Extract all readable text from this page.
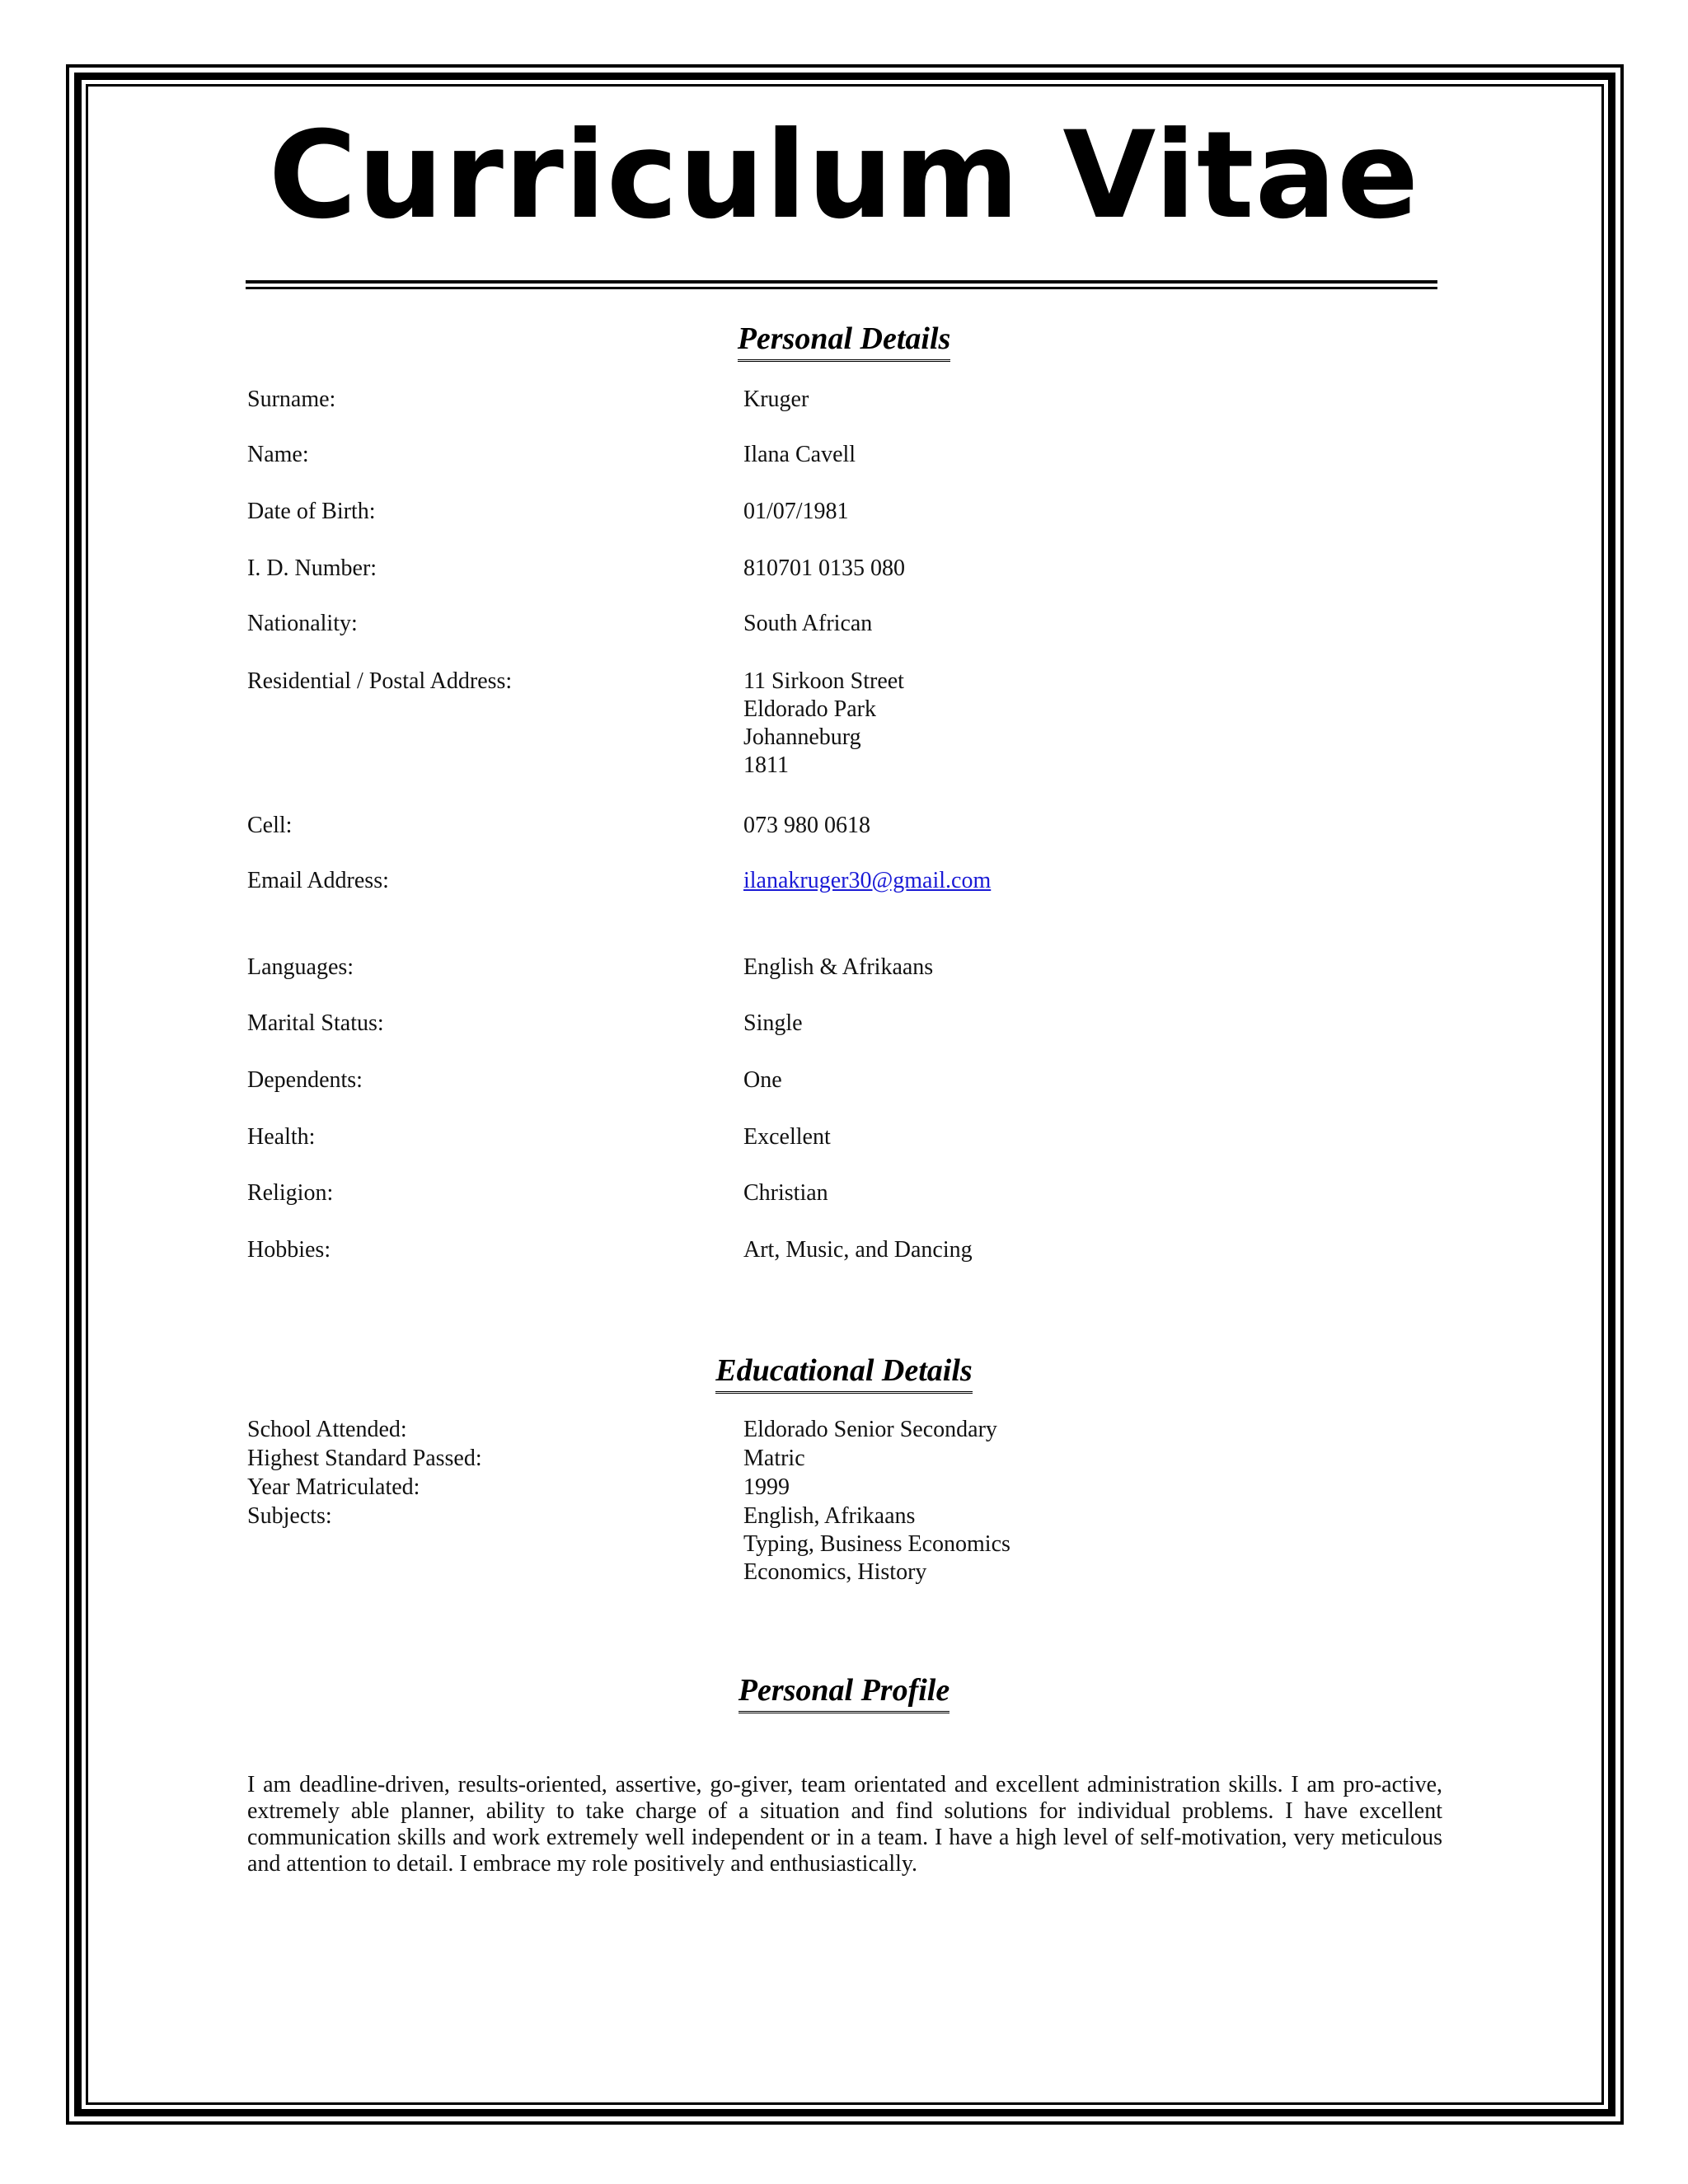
Curriculum Vitae
Personal Details
Surname:	Kruger
Name:	Ilana Cavell
Date of Birth:	01/07/1981
I. D. Number:	810701 0135 080
Nationality:	South African
Residential / Postal Address:	11 Sirkoon Street
Eldorado Park
Johanneburg
1811
Cell:	073 980 0618
Email Address:	ilanakruger30@gmail.com
Languages:	English & Afrikaans
Marital Status:	Single
Dependents:	One
Health:	Excellent
Religion:	Christian
Hobbies:	Art, Music, and Dancing
Educational Details
School Attended:	Eldorado Senior Secondary
Highest Standard Passed:	Matric
Year Matriculated:	1999
Subjects:	English, Afrikaans
Typing, Business Economics
Economics, History
Personal Profile
I am deadline-driven, results-oriented, assertive, go-giver, team orientated and excellent administration skills. I am pro-active, extremely able planner, ability to take charge of a situation and find solutions for individual problems. I have excellent communication skills and work extremely well independent or in a team. I have a high level of self-motivation, very meticulous and attention to detail. I embrace my role positively and enthusiastically.
